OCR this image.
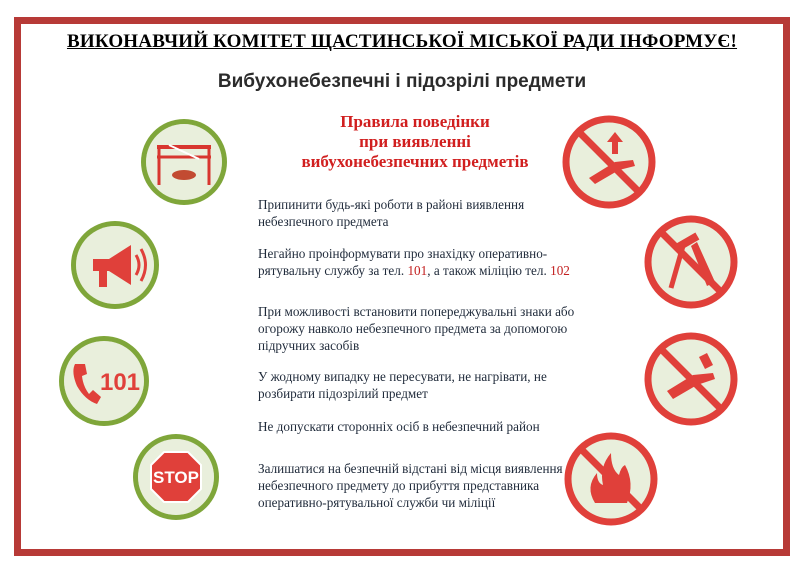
ВИКОНАВЧИЙ КОМІТЕТ ЩАСТИНСЬКОЇ МІСЬКОЇ РАДИ ІНФОРМУЄ!
Вибухонебезпечні і підозрілі предмети
Правила поведінки
при виявленні
вибухонебезпечних предметів
Припинити будь-які роботи в районі виявлення небезпечного предмета
Негайно проінформувати про знахідку оперативно-рятувальну службу за тел. 101, а також міліцію тел. 102
При можливості встановити попереджувальні знаки або огорожу навколо небезпечного предмета за допомогою підручних засобів
У жодному випадку не пересувати, не нагрівати, не розбирати підозрілий предмет
Не допускати сторонніх осіб в небезпечний район
Залишатися на безпечній відстані від місця виявлення небезпечного предмету до прибуття представника оперативно-рятувальної служби чи міліції
101
STOP
